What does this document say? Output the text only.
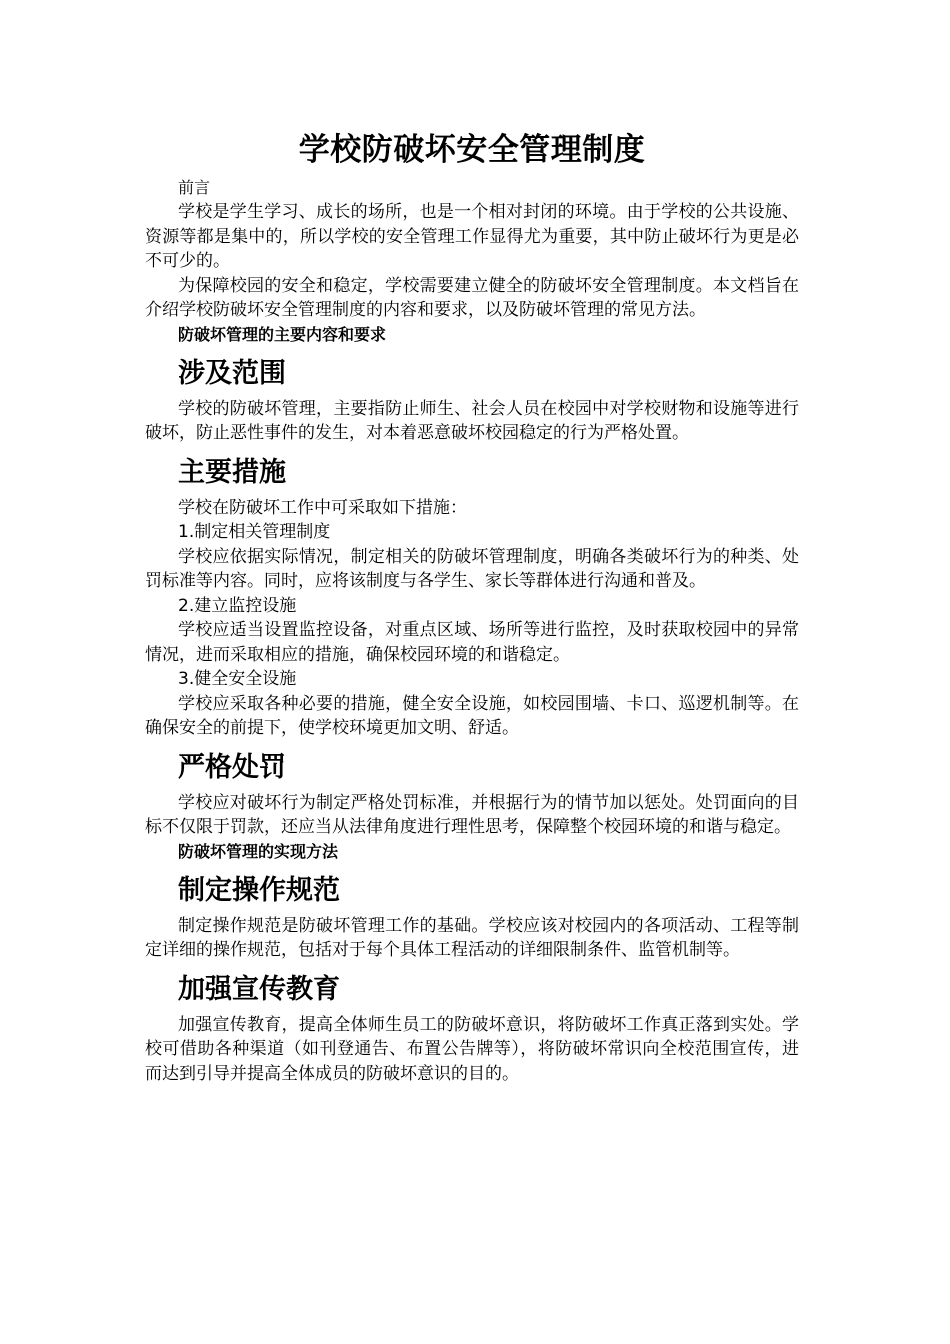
学校防破坏安全管理制度
前言

学校是学生学习、成长的场所，也是一个相对封闭的环境。由于学校的公共设施、资源等都是集中的，所以学校的安全管理工作显得尤为重要，其中防止破坏行为更是必不可少的。

为保障校园的安全和稳定，学校需要建立健全的防破坏安全管理制度。本文档旨在介绍学校防破坏安全管理制度的内容和要求，以及防破坏管理的常见方法。

防破坏管理的主要内容和要求
涉及范围

学校的防破坏管理，主要指防止师生、社会人员在校园中对学校财物和设施等进行破坏，防止恶性事件的发生，对本着恶意破坏校园稳定的行为严格处置。

主要措施

学校在防破坏工作中可采取如下措施：

1.制定相关管理制度

学校应依据实际情况，制定相关的防破坏管理制度，明确各类破坏行为的种类、处罚标准等内容。同时，应将该制度与各学生、家长等群体进行沟通和普及。

2.建立监控设施

学校应适当设置监控设备，对重点区域、场所等进行监控，及时获取校园中的异常情况，进而采取相应的措施，确保校园环境的和谐稳定。

3.健全安全设施

学校应采取各种必要的措施，健全安全设施，如校园围墙、卡口、巡逻机制等。在确保安全的前提下，使学校环境更加文明、舒适。

严格处罚

学校应对破坏行为制定严格处罚标准，并根据行为的情节加以惩处。处罚面向的目标不仅限于罚款，还应当从法律角度进行理性思考，保障整个校园环境的和谐与稳定。

防破坏管理的实现方法
制定操作规范

制定操作规范是防破坏管理工作的基础。学校应该对校园内的各项活动、工程等制定详细的操作规范，包括对于每个具体工程活动的详细限制条件、监管机制等。

加强宣传教育

加强宣传教育，提高全体师生员工的防破坏意识，将防破坏工作真正落到实处。学校可借助各种渠道（如刊登通告、布置公告牌等），将防破坏常识向全校范围宣传，进而达到引导并提高全体成员的防破坏意识的目的。
